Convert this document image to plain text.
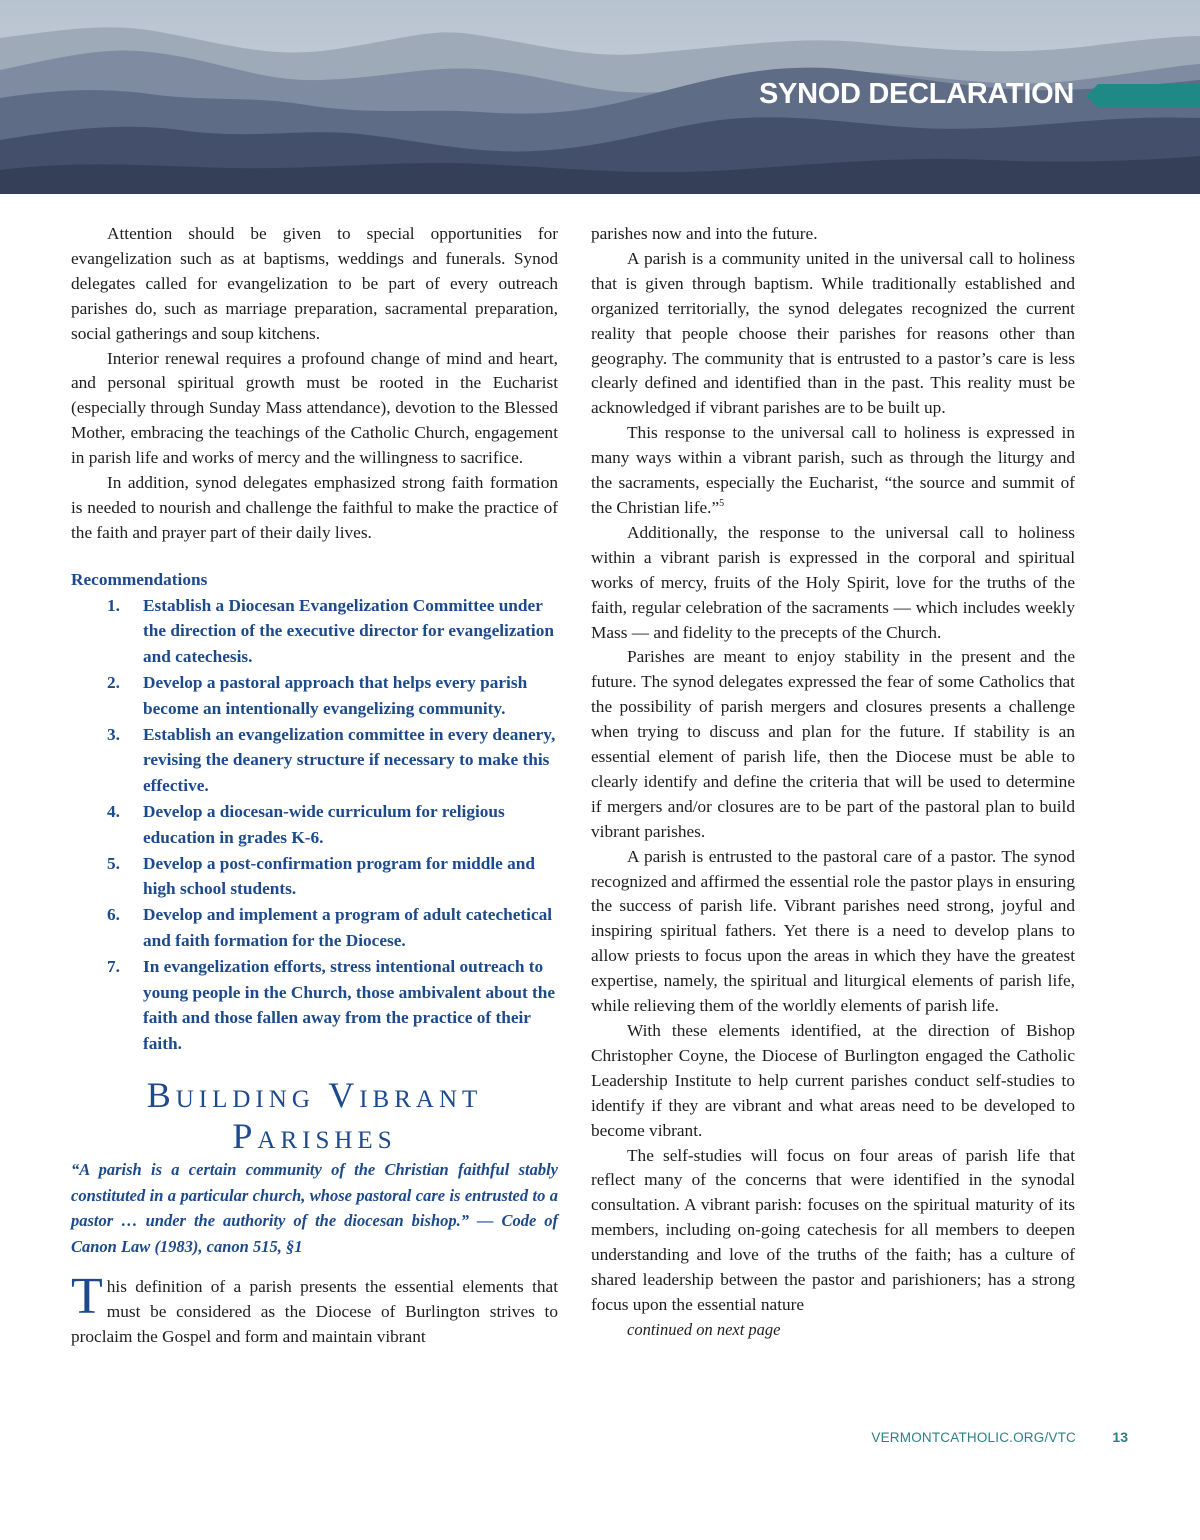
SYNOD DECLARATION

Attention should be given to special opportunities for evangelization such as at baptisms, weddings and funerals. Synod delegates called for evangelization to be part of every outreach parishes do, such as marriage preparation, sacramental preparation, social gatherings and soup kitchens.

Interior renewal requires a profound change of mind and heart, and personal spiritual growth must be rooted in the Eucharist (especially through Sunday Mass attendance), devotion to the Blessed Mother, embracing the teachings of the Catholic Church, engagement in parish life and works of mercy and the willingness to sacrifice.

In addition, synod delegates emphasized strong faith formation is needed to nourish and challenge the faithful to make the practice of the faith and prayer part of their daily lives.

Recommendations
1. Establish a Diocesan Evangelization Committee under the direction of the executive director for evangelization and catechesis.
2. Develop a pastoral approach that helps every parish become an intentionally evangelizing community.
3. Establish an evangelization committee in every deanery, revising the deanery structure if necessary to make this effective.
4. Develop a diocesan-wide curriculum for religious education in grades K-6.
5. Develop a post-confirmation program for middle and high school students.
6. Develop and implement a program of adult catechetical and faith formation for the Diocese.
7. In evangelization efforts, stress intentional outreach to young people in the Church, those ambivalent about the faith and those fallen away from the practice of their faith.
Building Vibrant Parishes

“A parish is a certain community of the Christian faithful stably constituted in a particular church, whose pastoral care is entrusted to a pastor … under the authority of the diocesan bishop.” — Code of Canon Law (1983), canon 515, §1

This definition of a parish presents the essential elements that must be considered as the Diocese of Burlington strives to proclaim the Gospel and form and maintain vibrant

parishes now and into the future.

A parish is a community united in the universal call to holiness that is given through baptism. While traditionally established and organized territorially, the synod delegates recognized the current reality that people choose their parishes for reasons other than geography. The community that is entrusted to a pastor’s care is less clearly defined and identified than in the past. This reality must be acknowledged if vibrant parishes are to be built up.

This response to the universal call to holiness is expressed in many ways within a vibrant parish, such as through the liturgy and the sacraments, especially the Eucharist, “the source and summit of the Christian life.”$^5$

Additionally, the response to the universal call to holiness within a vibrant parish is expressed in the corporal and spiritual works of mercy, fruits of the Holy Spirit, love for the truths of the faith, regular celebration of the sacraments — which includes weekly Mass — and fidelity to the precepts of the Church.

Parishes are meant to enjoy stability in the present and the future. The synod delegates expressed the fear of some Catholics that the possibility of parish mergers and closures presents a challenge when trying to discuss and plan for the future. If stability is an essential element of parish life, then the Diocese must be able to clearly identify and define the criteria that will be used to determine if mergers and/or closures are to be part of the pastoral plan to build vibrant parishes.

A parish is entrusted to the pastoral care of a pastor. The synod recognized and affirmed the essential role the pastor plays in ensuring the success of parish life. Vibrant parishes need strong, joyful and inspiring spiritual fathers. Yet there is a need to develop plans to allow priests to focus upon the areas in which they have the greatest expertise, namely, the spiritual and liturgical elements of parish life, while relieving them of the worldly elements of parish life.

With these elements identified, at the direction of Bishop Christopher Coyne, the Diocese of Burlington engaged the Catholic Leadership Institute to help current parishes conduct self-studies to identify if they are vibrant and what areas need to be developed to become vibrant.

The self-studies will focus on four areas of parish life that reflect many of the concerns that were identified in the synodal consultation. A vibrant parish: focuses on the spiritual maturity of its members, including on-going catechesis for all members to deepen understanding and love of the truths of the faith; has a culture of shared leadership between the pastor and parishioners; has a strong focus upon the essential nature

continued on next page

VERMONTCATHOLIC.ORG/VTC	13
